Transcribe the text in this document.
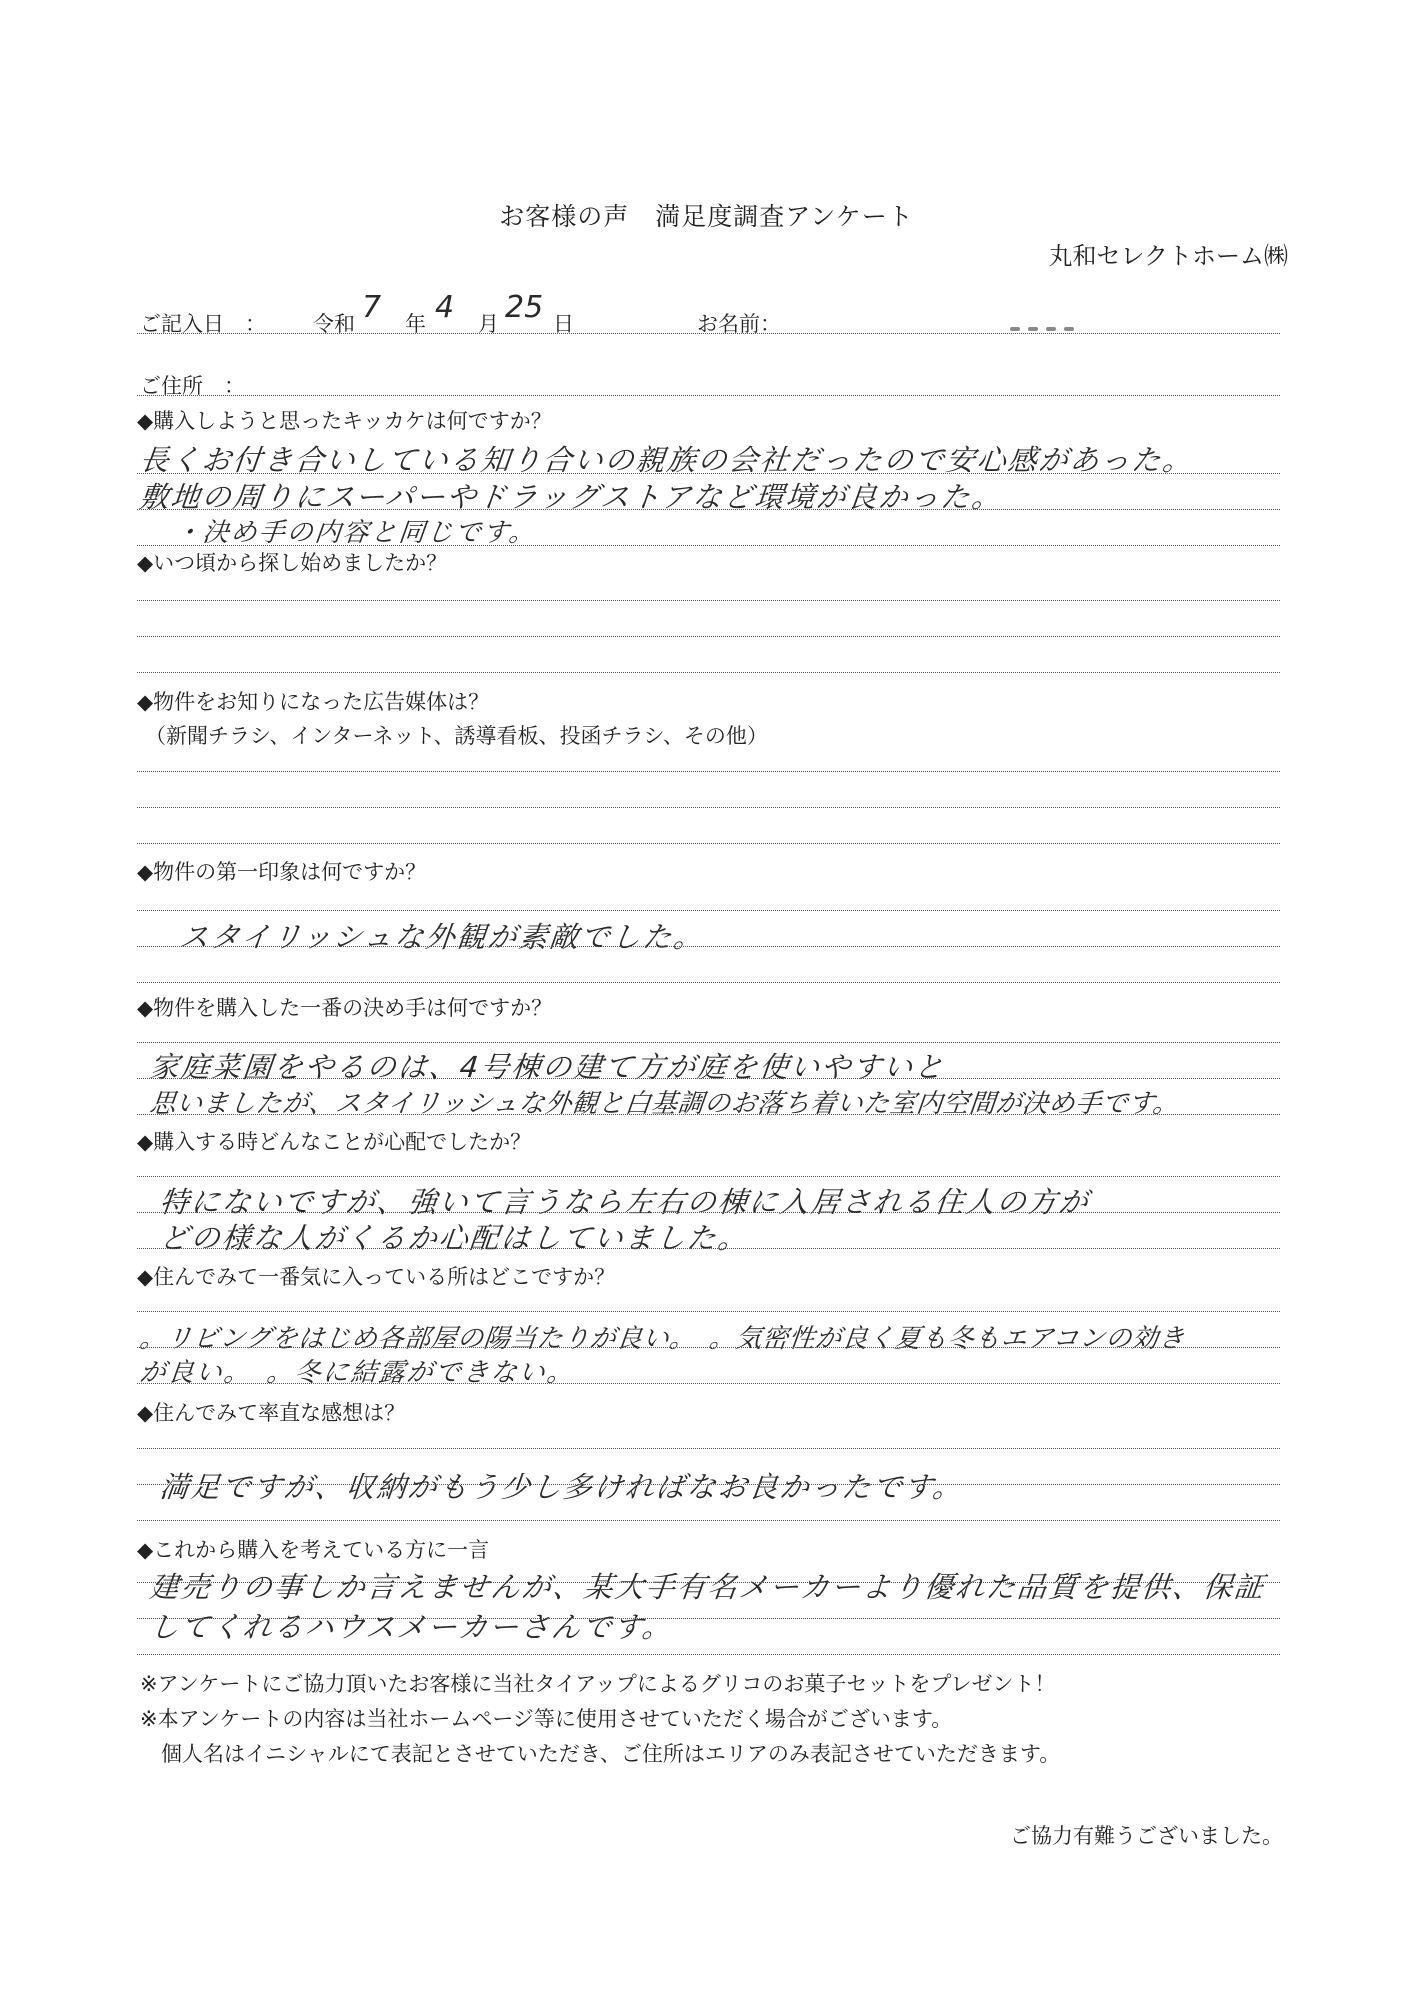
お客様の声　満足度調査アンケート
丸和セレクトホーム㈱
ご記入日　： 令和 7 年 4 月 25 日	お名前：
ご住所　：
◆購入しようと思ったキッカケは何ですか？
長くお付き合いしている知り合いの親族の会社だったので安心感があった。
敷地の周りにスーパーやドラッグストアなど環境が良かった。
・決め手の内容と同じです。
◆いつ頃から探し始めましたか？
◆物件をお知りになった広告媒体は？
（新聞チラシ、インターネット、誘導看板、投函チラシ、その他）
◆物件の第一印象は何ですか？
スタイリッシュな外観が素敵でした。
◆物件を購入した一番の決め手は何ですか？
家庭菜園をやるのは、4号棟の建て方が庭を使いやすいと
思いましたが、スタイリッシュな外観と白基調のお落ち着いた室内空間が決め手です。
◆購入する時どんなことが心配でしたか？
特にないですが、強いて言うなら左右の棟に入居される住人の方が
どの様な人がくるか心配はしていました。
◆住んでみて一番気に入っている所はどこですか？
。リビングをはじめ各部屋の陽当たりが良い。　。気密性が良く夏も冬もエアコンの効き
が良い。　。冬に結露ができない。
◆住んでみて率直な感想は？
満足ですが、収納がもう少し多ければなお良かったです。
◆これから購入を考えている方に一言
建売りの事しか言えませんが、某大手有名メーカーより優れた品質を提供、保証
してくれるハウスメーカーさんです。
※アンケートにご協力頂いたお客様に当社タイアップによるグリコのお菓子セットをプレゼント！
※本アンケートの内容は当社ホームページ等に使用させていただく場合がございます。
　個人名はイニシャルにて表記とさせていただき、ご住所はエリアのみ表記させていただきます。
ご協力有難うございました。
